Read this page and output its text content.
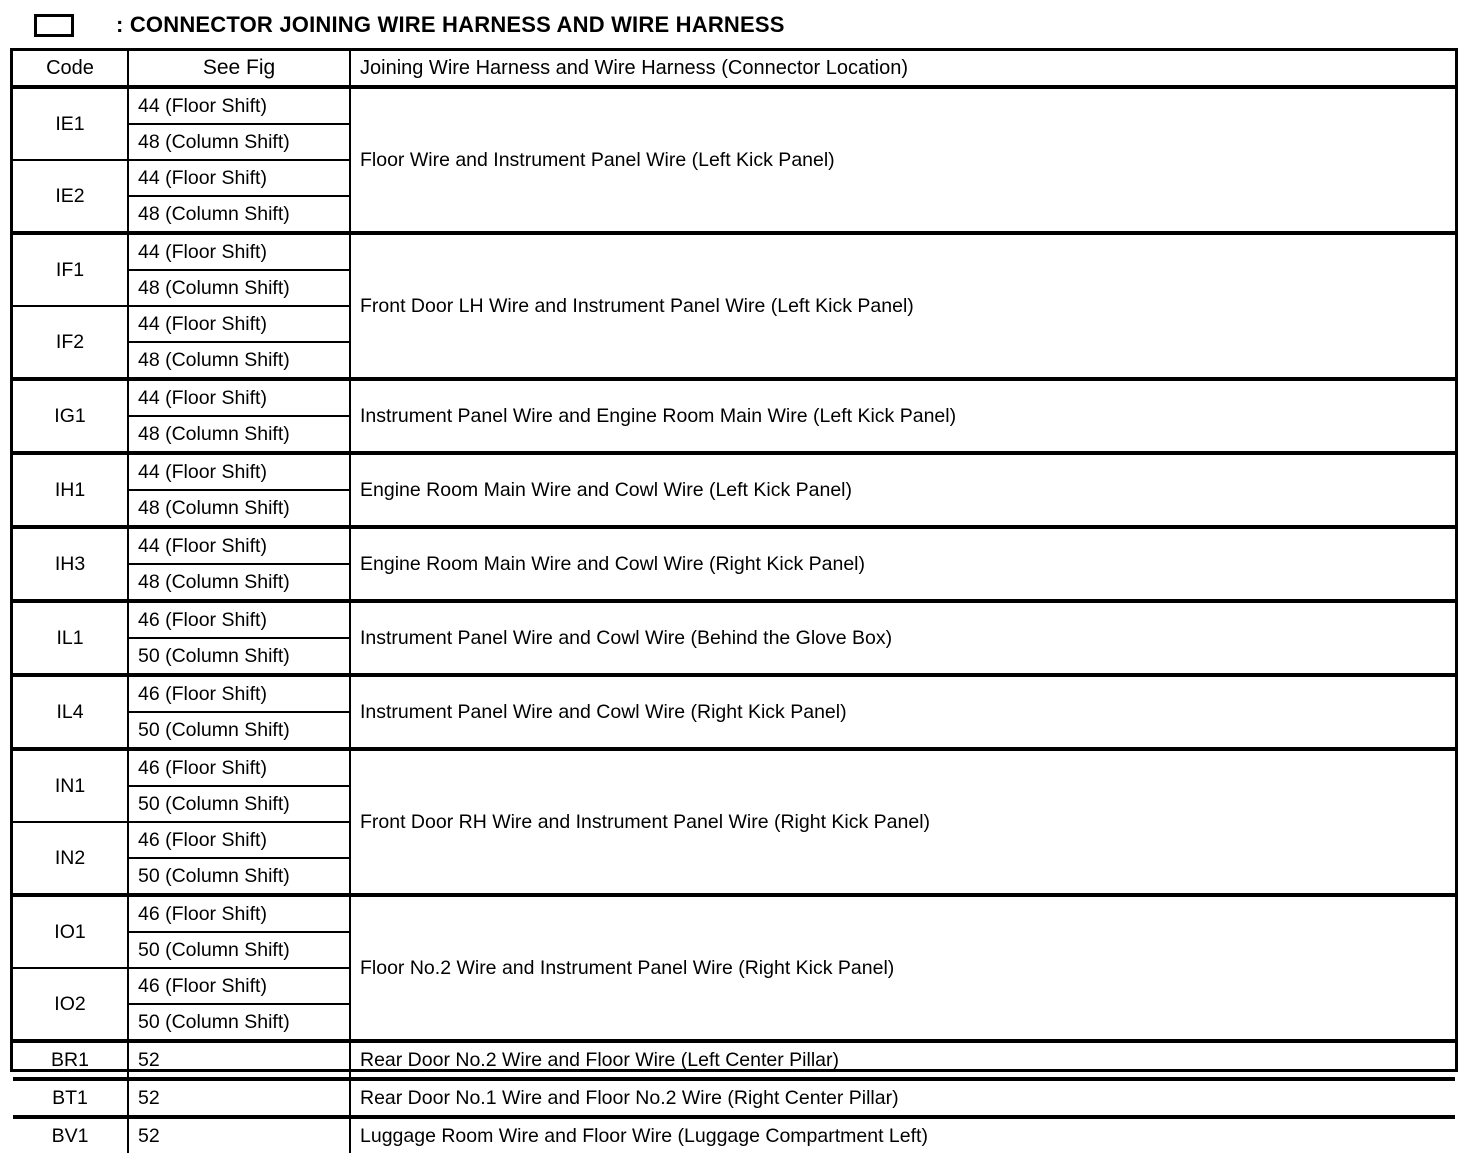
: CONNECTOR JOINING WIRE HARNESS AND WIRE HARNESS
Code	See Fig	Joining Wire Harness and Wire Harness (Connector Location)
IE1	44 (Floor Shift)	Floor Wire and Instrument Panel Wire (Left Kick Panel)
	48 (Column Shift)	
IE2	44 (Floor Shift)	
	48 (Column Shift)	
IF1	44 (Floor Shift)	Front Door LH Wire and Instrument Panel Wire (Left Kick Panel)
	48 (Column Shift)	
IF2	44 (Floor Shift)	
	48 (Column Shift)	
IG1	44 (Floor Shift)	Instrument Panel Wire and Engine Room Main Wire (Left Kick Panel)
	48 (Column Shift)	
IH1	44 (Floor Shift)	Engine Room Main Wire and Cowl Wire (Left Kick Panel)
	48 (Column Shift)	
IH3	44 (Floor Shift)	Engine Room Main Wire and Cowl Wire (Right Kick Panel)
	48 (Column Shift)	
IL1	46 (Floor Shift)	Instrument Panel Wire and Cowl Wire (Behind the Glove Box)
	50 (Column Shift)	
IL4	46 (Floor Shift)	Instrument Panel Wire and Cowl Wire (Right Kick Panel)
	50 (Column Shift)	
IN1	46 (Floor Shift)	Front Door RH Wire and Instrument Panel Wire (Right Kick Panel)
	50 (Column Shift)	
IN2	46 (Floor Shift)	
	50 (Column Shift)	
IO1	46 (Floor Shift)	Floor No.2 Wire and Instrument Panel Wire (Right Kick Panel)
	50 (Column Shift)	
IO2	46 (Floor Shift)	
	50 (Column Shift)	
BR1	52	Rear Door No.2 Wire and Floor Wire (Left Center Pillar)
BT1	52	Rear Door No.1 Wire and Floor No.2 Wire (Right Center Pillar)
BV1	52	Luggage Room Wire and Floor Wire (Luggage Compartment Left)
